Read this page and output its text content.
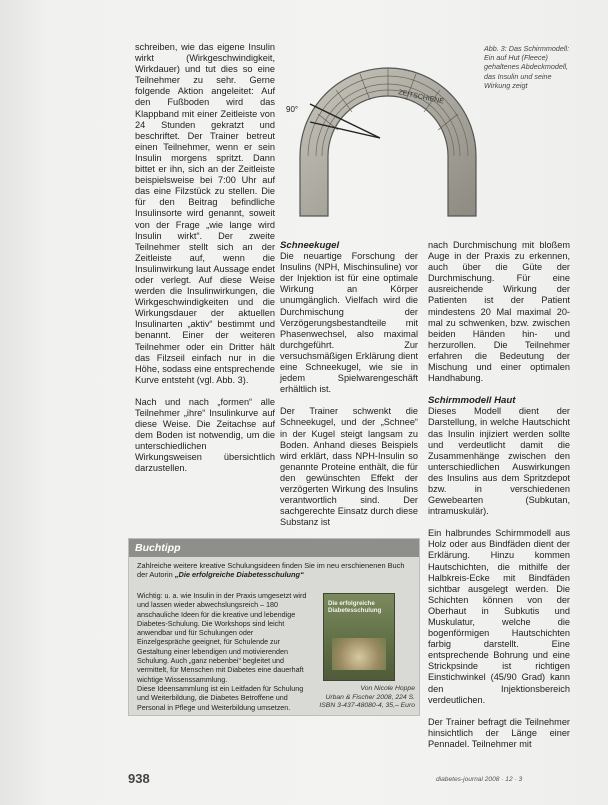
schreiben, wie das eigene Insulin wirkt (Wirkgeschwindigkeit, Wirkdauer) und tut dies so eine Teilnehmer zu sehr. Gerne folgende Aktion angeleitet: Auf den Fußboden wird das Klappband mit einer Zeitleiste von 24 Stunden gekratzt und beschriftet. Der Trainer betreut einen Teilnehmer, wenn er sein Insulin morgens spritzt. Dann bittet er ihn, sich an der Zeitleiste beispielsweise bei 7:00 Uhr auf das eine Filzstück zu stellen. Die für den Beitrag befindliche Insulinsorte wird genannt, soweit von der Frage „wie lange wird Insulin wirkt“. Der zweite Teilnehmer stellt sich an der Zeitleiste auf, wenn die Insulinwirkung laut Aussage endet oder verlegt. Auf diese Weise werden die Insulinwirkungen, die Wirkgeschwindigkeiten und die Wirkungsdauer der aktuellen Insulinarten „aktiv“ bestimmt und benannt. Einer der weiteren Teilnehmer oder ein Dritter hält das Filzseil einfach nur in die Höhe, sodass eine entsprechende Kurve entsteht (vgl. Abb. 3).

Nach und nach „formen“ alle Teilnehmer „ihre“ Insulinkurve auf diese Weise. Die Zeitachse auf dem Boden ist notwendig, um die unterschiedlichen Wirkungsweisen übersichtlich darzustellen.

ZEITSCHIENE
90°
Abb. 3: Das Schirmmodell: Ein auf Hut (Fleece) gehaltenes Abdeckmodell, das Insulin und seine Wirkung zeigt
Schneekugel

Die neuartige Forschung der Insulins (NPH, Mischinsuline) vor der Injektion ist für eine optimale Wirkung an Körper unumgänglich. Vielfach wird die Durchmischung der Verzögerungsbestandteile mit Phasenwechsel, also maximal durchgeführt. Zur versuchsmäßigen Erklärung dient eine Schneekugel, wie sie in jedem Spielwarengeschäft erhältlich ist.

Der Trainer schwenkt die Schneekugel, und der „Schnee“ in der Kugel steigt langsam zu Boden. Anhand dieses Beispiels wird erklärt, dass NPH-Insulin so genannte Proteine enthält, die für den gewünschten Effekt der verzögerten Wirkung des Insulins verantwortlich sind. Der sachgerechte Einsatz durch diese Substanz ist

nach Durchmischung mit bloßem Auge in der Praxis zu erkennen, auch über die Güte der Durchmischung. Für eine ausreichende Wirkung der Patienten ist der Patient mindestens 20 Mal maximal 20-mal zu schwenken, bzw. zwischen beiden Händen hin- und herzurollen. Die Teilnehmer erfahren die Bedeutung der Mischung und einer optimalen Handhabung.

Schirmmodell Haut

Dieses Modell dient der Darstellung, in welche Hautschicht das Insulin injiziert werden sollte und verdeutlicht damit die Zusammenhänge zwischen den unterschiedlichen Auswirkungen des Insulins aus dem Spritzdepot bzw. in verschiedenen Gewebearten (Subkutan, intramuskulär).

Ein halbrundes Schirmmodell aus Holz oder aus Bindfäden dient der Erklärung. Hinzu kommen Hautschichten, die mithilfe der Halbkreis-Ecke mit Bindfäden sichtbar ausgelegt werden. Die Schichten können von der Oberhaut in Subkutis und Muskulatur, welche die bogenförmigen Hautschichten farbig darstellt. Eine entsprechende Bohrung und eine Strickpsinde ist richtigen Einstichwinkel (45/90 Grad) kann den Injektionsbereich verdeutlichen.

Der Trainer befragt die Teilnehmer hinsichtlich der Länge einer Pennadel. Teilnehmer mit

Buchtipp
Zahlreiche weitere kreative Schulungsideen finden Sie im neu erschienenen Buch der Autorin „Die erfolgreiche Diabetesschulung“
Wichtig: u. a. wie Insulin in der Praxis umgesetzt wird und lassen wieder abwechslungsreich – 180 anschauliche Ideen für die kreative und lebendige Diabetes-Schulung. Die Workshops sind leicht anwendbar und für Schulungen oder Einzelgespräche geeignet, für Schulende zur Gestaltung einer lebendigen und motivierenden Schulung. Auch „ganz nebenbei“ begleitet und vermittelt, für Menschen mit Diabetes eine dauerhaft wichtige Wissenssammlung.
Diese Ideensammlung ist ein Leitfaden für Schulung und Weiterbildung, die Diabetes Betroffene und Personal in Pflege und Weiterbildung umsetzen.
Die erfolgreiche Diabetesschulung
Von Nicole Hoppe
Urban & Fischer 2008, 224 S.
ISBN 3-437-48080-4, 35,– Euro
938	diabetes-journal 2008 · 12 · 3
